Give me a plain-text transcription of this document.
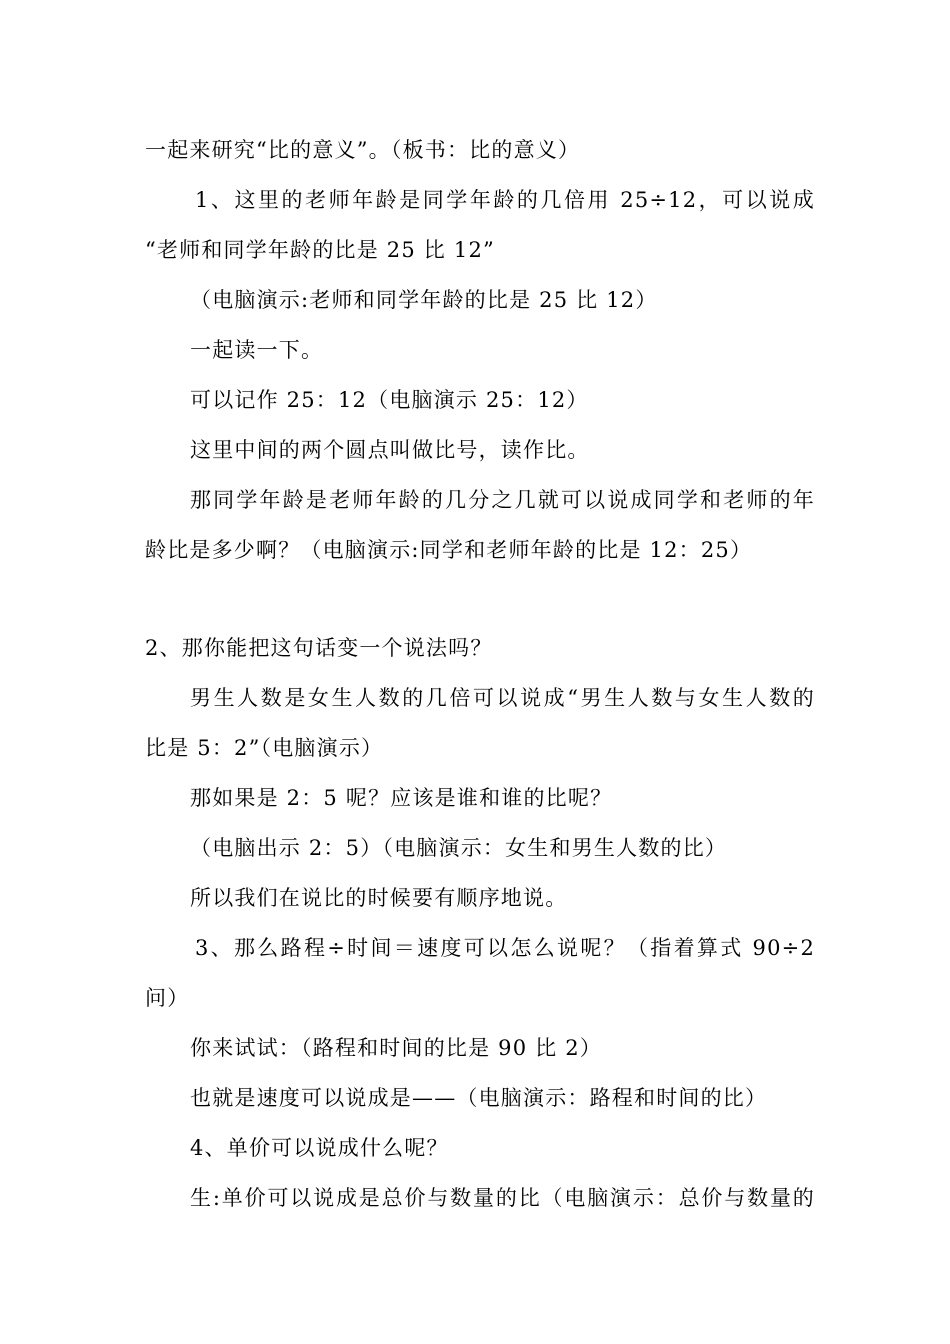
一起来研究“比的意义”。（板书：比的意义）
1、这里的老师年龄是同学年龄的几倍用 25÷12，可以说成
“老师和同学年龄的比是 25 比 12”
（电脑演示:老师和同学年龄的比是 25 比 12）
一起读一下。
可以记作 25：12（电脑演示 25：12）
这里中间的两个圆点叫做比号，读作比。
那同学年龄是老师年龄的几分之几就可以说成同学和老师的年
龄比是多少啊？（电脑演示:同学和老师年龄的比是 12：25）
2、那你能把这句话变一个说法吗？
男生人数是女生人数的几倍可以说成“男生人数与女生人数的
比是 5：2”（电脑演示）
那如果是 2：5 呢？应该是谁和谁的比呢？
（电脑出示 2：5）（电脑演示：女生和男生人数的比）
所以我们在说比的时候要有顺序地说。
3、那么路程÷时间＝速度可以怎么说呢？（指着算式 90÷2
问）
你来试试：（路程和时间的比是 90 比 2）
也就是速度可以说成是——（电脑演示：路程和时间的比）
4、单价可以说成什么呢？
生:单价可以说成是总价与数量的比（电脑演示：总价与数量的
